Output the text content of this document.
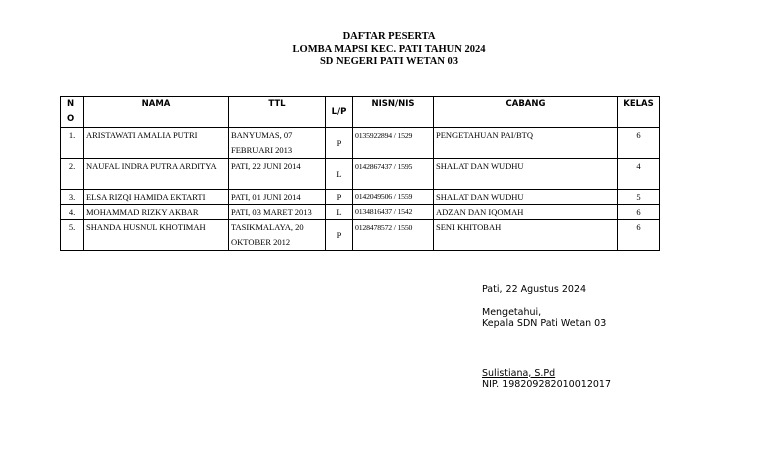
DAFTAR PESERTA
LOMBA MAPSI KEC. PATI TAHUN 2024
SD NEGERI PATI WETAN 03
N O	NAMA	TTL	L/P	NISN/NIS	CABANG	KELAS
1.	ARISTAWATI AMALIA PUTRI	BANYUMAS, 07 FEBRUARI 2013	P	0135922894 / 1529	PENGETAHUAN PAI/BTQ	6
2.	NAUFAL INDRA PUTRA ARDITYA	PATI, 22 JUNI 2014	L	0142867437 / 1595	SHALAT DAN WUDHU	4
3.	ELSA RIZQI HAMIDA EKTARTI	PATI, 01 JUNI 2014	P	0142049506 / 1559	SHALAT DAN WUDHU	5
4.	MOHAMMAD RIZKY AKBAR	PATI, 03 MARET 2013	L	0134816437 / 1542	ADZAN DAN IQOMAH	6
5.	SHANDA HUSNUL KHOTIMAH	TASIKMALAYA, 20 OKTOBER 2012	P	0128478572 / 1550	SENI KHITOBAH	6
Pati, 22 Agustus 2024
Mengetahui,
Kepala SDN Pati Wetan 03
Sulistiana, S.Pd
NIP. 198209282010012017
